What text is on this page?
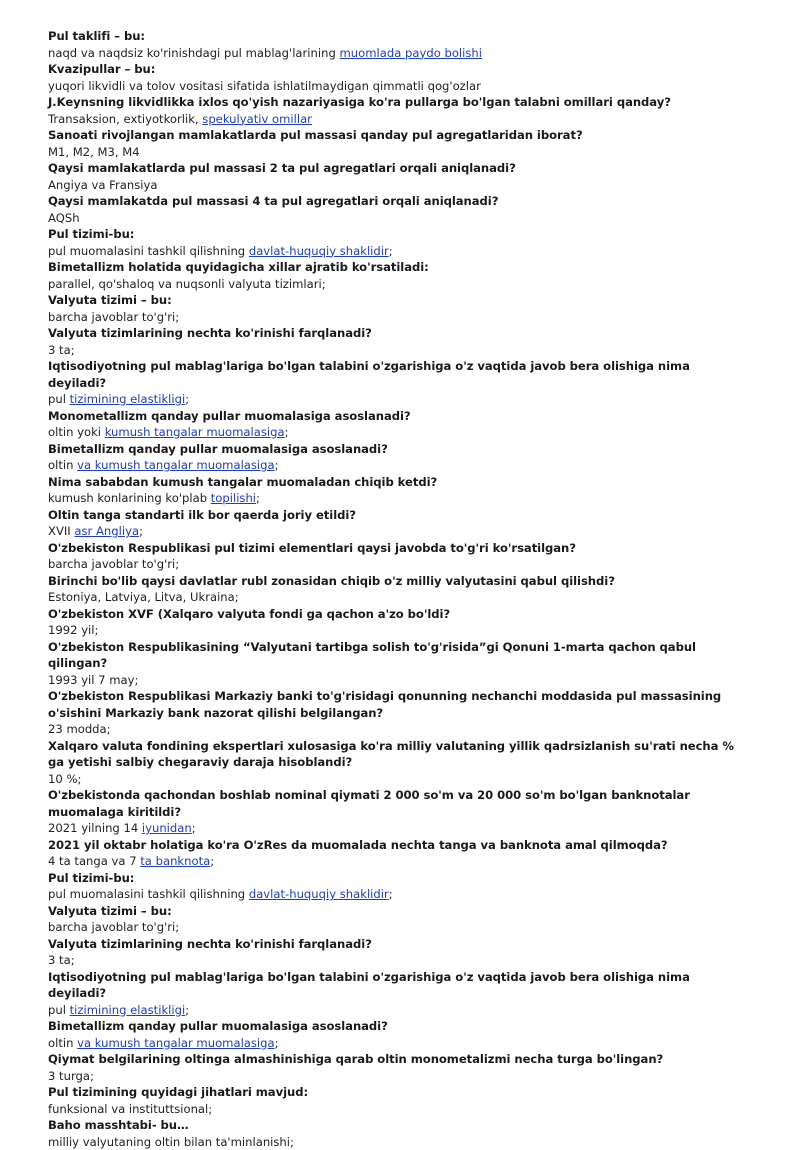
Pul taklifi – bu:

naqd va naqdsiz ko'rinishdagi pul mablag'larining muomlada paydo bolishi

Kvazipullar – bu:

yuqori likvidli va tolov vositasi sifatida ishlatilmaydigan qimmatli qog'ozlar

J.Keynsning likvidlikka ixlos qo'yish nazariyasiga ko'ra pullarga bo'lgan talabni omillari qanday?

Transaksion, extiyotkorlik, spekulyativ omillar

Sanoati rivojlangan mamlakatlarda pul massasi qanday pul agregatlaridan iborat?

M1, M2, M3, M4

Qaysi mamlakatlarda pul massasi 2 ta pul agregatlari orqali aniqlanadi?

Angiya va Fransiya

Qaysi mamlakatda pul massasi 4 ta pul agregatlari orqali aniqlanadi?

AQSh

Pul tizimi-bu:

pul muomalasini tashkil qilishning davlat-huquqiy shaklidir;

Bimetallizm holatida quyidagicha xillar ajratib ko'rsatiladi:

parallel, qo'shaloq va nuqsonli valyuta tizimlari;

Valyuta tizimi – bu:

barcha javoblar to'g'ri;

Valyuta tizimlarining nechta ko'rinishi farqlanadi?

3 ta;

Iqtisodiyotning pul mablag'lariga bo'lgan talabini o'zgarishiga o'z vaqtida javob bera olishiga nima deyiladi?

pul tizimining elastikligi;

Monometallizm qanday pullar muomalasiga asoslanadi?

oltin yoki kumush tangalar muomalasiga;

Bimetallizm qanday pullar muomalasiga asoslanadi?

oltin va kumush tangalar muomalasiga;

Nima sababdan kumush tangalar muomaladan chiqib ketdi?

kumush konlarining ko'plab topilishi;

Oltin tanga standarti ilk bor qaerda joriy etildi?

XVII asr Angliya;

O'zbekiston Respublikasi pul tizimi elementlari qaysi javobda to'g'ri ko'rsatilgan?

barcha javoblar to'g'ri;

Birinchi bo'lib qaysi davlatlar rubl zonasidan chiqib o'z milliy valyutasini qabul qilishdi?

Estoniya, Latviya, Litva, Ukraina;

O'zbekiston XVF (Xalqaro valyuta fondi ga qachon a'zo bo'ldi?

1992 yil;

O'zbekiston Respublikasining “Valyutani tartibga solish to'g'risida”gi Qonuni 1-marta qachon qabul qilingan?

1993 yil 7 may;

O'zbekiston Respublikasi Markaziy banki to'g'risidagi qonunning nechanchi moddasida pul massasining o'sishini Markaziy bank nazorat qilishi belgilangan?

23 modda;

Xalqaro valuta fondining ekspertlari xulosasiga ko'ra milliy valutaning yillik qadrsizlanish su'rati necha % ga yetishi salbiy chegaraviy daraja hisoblandi?

10 %;

O'zbekistonda qachondan boshlab nominal qiymati 2 000 so'm va 20 000 so'm bo'lgan banknotalar muomalaga kiritildi?

2021 yilning 14 iyunidan;

2021 yil oktabr holatiga ko'ra O'zRes da muomalada nechta tanga va banknota amal qilmoqda?

4 ta tanga va 7 ta banknota;

Pul tizimi-bu:

pul muomalasini tashkil qilishning davlat-huquqiy shaklidir;

Valyuta tizimi – bu:

barcha javoblar to'g'ri;

Valyuta tizimlarining nechta ko'rinishi farqlanadi?

3 ta;

Iqtisodiyotning pul mablag'lariga bo'lgan talabini o'zgarishiga o'z vaqtida javob bera olishiga nima deyiladi?

pul tizimining elastikligi;

Bimetallizm qanday pullar muomalasiga asoslanadi?

oltin va kumush tangalar muomalasiga;

Qiymat belgilarining oltinga almashinishiga qarab oltin monometalizmi necha turga bo'lingan?

3 turga;

Pul tizimining quyidagi jihatlari mavjud:

funksional va instituttsional;

Baho masshtabi- bu…

milliy valyutaning oltin bilan ta'minlanishi;
